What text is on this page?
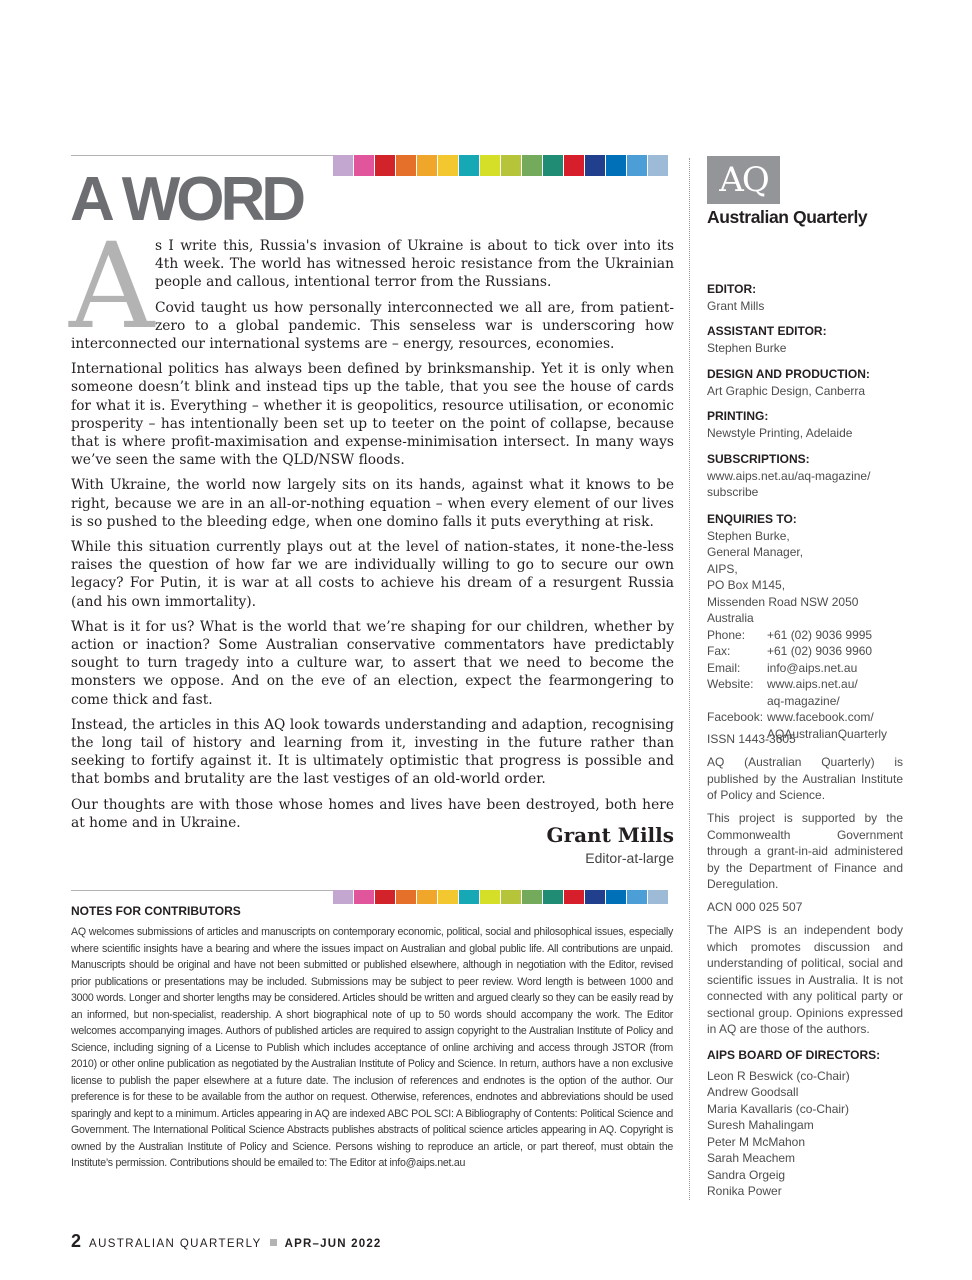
A WORD
A s I write this, Russia's invasion of Ukraine is about to tick over into its 4th week. The world has witnessed heroic resistance from the Ukrainian people and callous, intentional terror from the Russians.

Covid taught us how personally interconnected we all are, from patient-zero to a global pandemic. This senseless war is underscoring how interconnected our international systems are – energy, resources, economies.

International politics has always been defined by brinksmanship. Yet it is only when someone doesn’t blink and instead tips up the table, that you see the house of cards for what it is. Everything – whether it is geopolitics, resource utilisation, or economic prosperity – has intentionally been set up to teeter on the point of collapse, because that is where profit-maximisation and expense-minimisation intersect. In many ways we’ve seen the same with the QLD/NSW floods.

With Ukraine, the world now largely sits on its hands, against what it knows to be right, because we are in an all-or-nothing equation – when every element of our lives is so pushed to the bleeding edge, when one domino falls it puts everything at risk.

While this situation currently plays out at the level of nation-states, it none-the-less raises the question of how far we are individually willing to go to secure our own legacy? For Putin, it is war at all costs to achieve his dream of a resurgent Russia (and his own immortality).

What is it for us? What is the world that we’re shaping for our children, whether by action or inaction? Some Australian conservative commentators have predictably sought to turn tragedy into a culture war, to assert that we need to become the monsters we oppose. And on the eve of an election, expect the fearmongering to come thick and fast.

Instead, the articles in this AQ look towards understanding and adaption, recognising the long tail of history and learning from it, investing in the future rather than seeking to fortify against it. It is ultimately optimistic that progress is possible and that bombs and brutality are the last vestiges of an old-world order.

Our thoughts are with those whose homes and lives have been destroyed, both here at home and in Ukraine.

Grant Mills
Editor-at-large
NOTES FOR CONTRIBUTORS

AQ welcomes submissions of articles and manuscripts on contemporary economic, political, social and philosophical issues, especially where scientific insights have a bearing and where the issues impact on Australian and global public life. All contributions are unpaid. Manuscripts should be original and have not been submitted or published elsewhere, although in negotiation with the Editor, revised prior publications or presentations may be included. Submissions may be subject to peer review. Word length is between 1000 and 3000 words. Longer and shorter lengths may be considered. Articles should be written and argued clearly so they can be easily read by an informed, but non-specialist, readership. A short biographical note of up to 50 words should accompany the work. The Editor welcomes accompanying images. Authors of published articles are required to assign copyright to the Australian Institute of Policy and Science, including signing of a License to Publish which includes acceptance of online archiving and access through JSTOR (from 2010) or other online publication as negotiated by the Australian Institute of Policy and Science. In return, authors have a non exclusive license to publish the paper elsewhere at a future date. The inclusion of references and endnotes is the option of the author. Our preference is for these to be available from the author on request. Otherwise, references, endnotes and abbreviations should be used sparingly and kept to a minimum. Articles appearing in AQ are indexed ABC POL SCI: A Bibliography of Contents: Political Science and Government. The International Political Science Abstracts publishes abstracts of political science articles appearing in AQ. Copyright is owned by the Australian Institute of Policy and Science. Persons wishing to reproduce an article, or part thereof, must obtain the Institute’s permission. Contributions should be emailed to: The Editor at info@aips.net.au

AQ
Australian Quarterly

EDITOR:

Grant Mills

ASSISTANT EDITOR:

Stephen Burke

DESIGN AND PRODUCTION:

Art Graphic Design, Canberra

PRINTING:

Newstyle Printing, Adelaide

SUBSCRIPTIONS:

www.aips.net.au/aq-magazine/

subscribe

ENQUIRIES TO:

Stephen Burke,

General Manager,

AIPS,

PO Box M145,

Missenden Road NSW 2050 Australia

Phone:	+61 (02) 9036 9995
Fax:	+61 (02) 9036 9960
Email:	info@aips.net.au
Website:	www.aips.net.au/
aq-magazine/
Facebook: www.facebook.com/
AQAustralianQuarterly
ISSN 1443-3605
AQ (Australian Quarterly) is published by the Australian Institute of Policy and Science.
This project is supported by the Commonwealth Government through a grant-in-aid administered by the Department of Finance and Deregulation.
ACN 000 025 507
The AIPS is an independent body which promotes discussion and understanding of political, social and scientific issues in Australia. It is not connected with any political party or sectional group. Opinions expressed in AQ are those of the authors.

AIPS BOARD OF DIRECTORS:

Leon R Beswick (co-Chair)

Andrew Goodsall

Maria Kavallaris (co-Chair)

Suresh Mahalingam

Peter M McMahon

Sarah Meachem

Sandra Orgeig

Ronika Power

2 AUSTRALIAN QUARTERLY APR–JUN 2022
